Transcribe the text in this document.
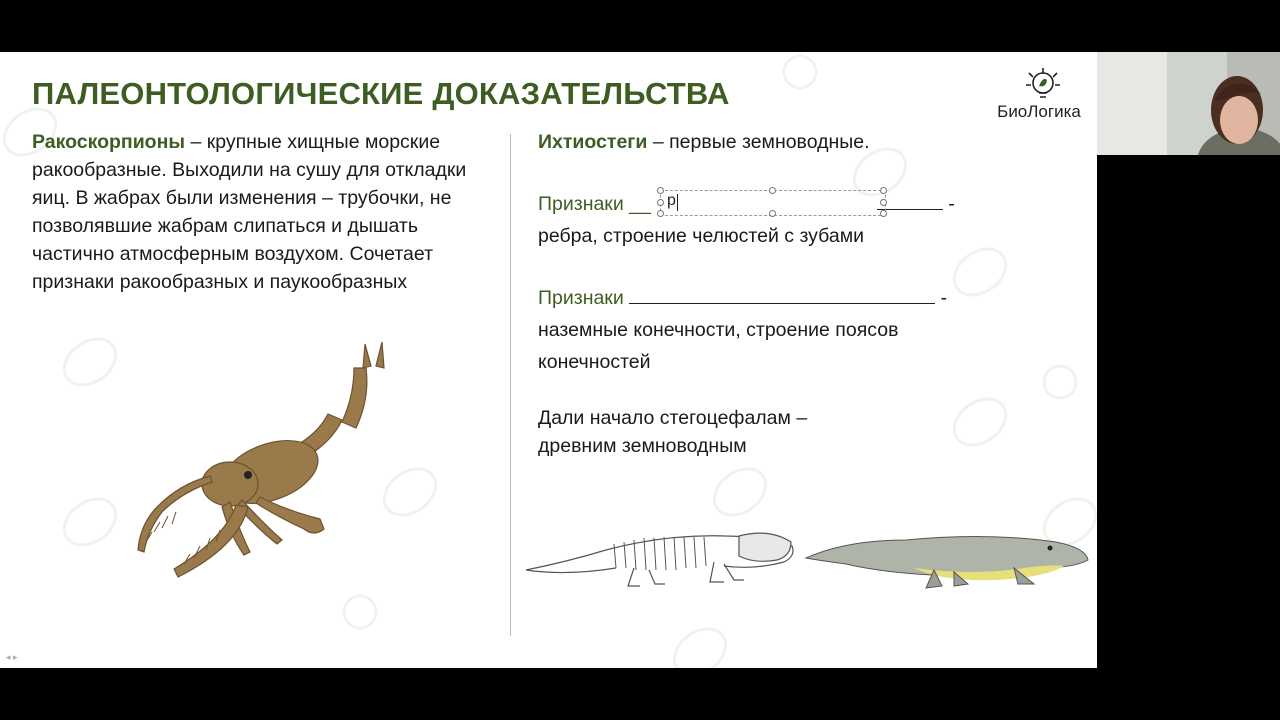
ПАЛЕОНТОЛОГИЧЕСКИЕ ДОКАЗАТЕЛЬСТВА
БиоЛогика
Ракоскорпионы – крупные хищные морские
ракообразные. Выходили на сушу для откладки
яиц. В жабрах были изменения – трубочки, не
позволявшие жабрам слипаться и дышать
частично атмосферным воздухом. Сочетает
признаки ракообразных и паукообразных
Ихтиостеги – первые земноводные.
Признаки __	-
р
ребра, строение челюстей с зубами
Признаки	-
наземные конечности, строение поясов
конечностей
Дали начало стегоцефалам –
древним земноводным
◂ ▸
